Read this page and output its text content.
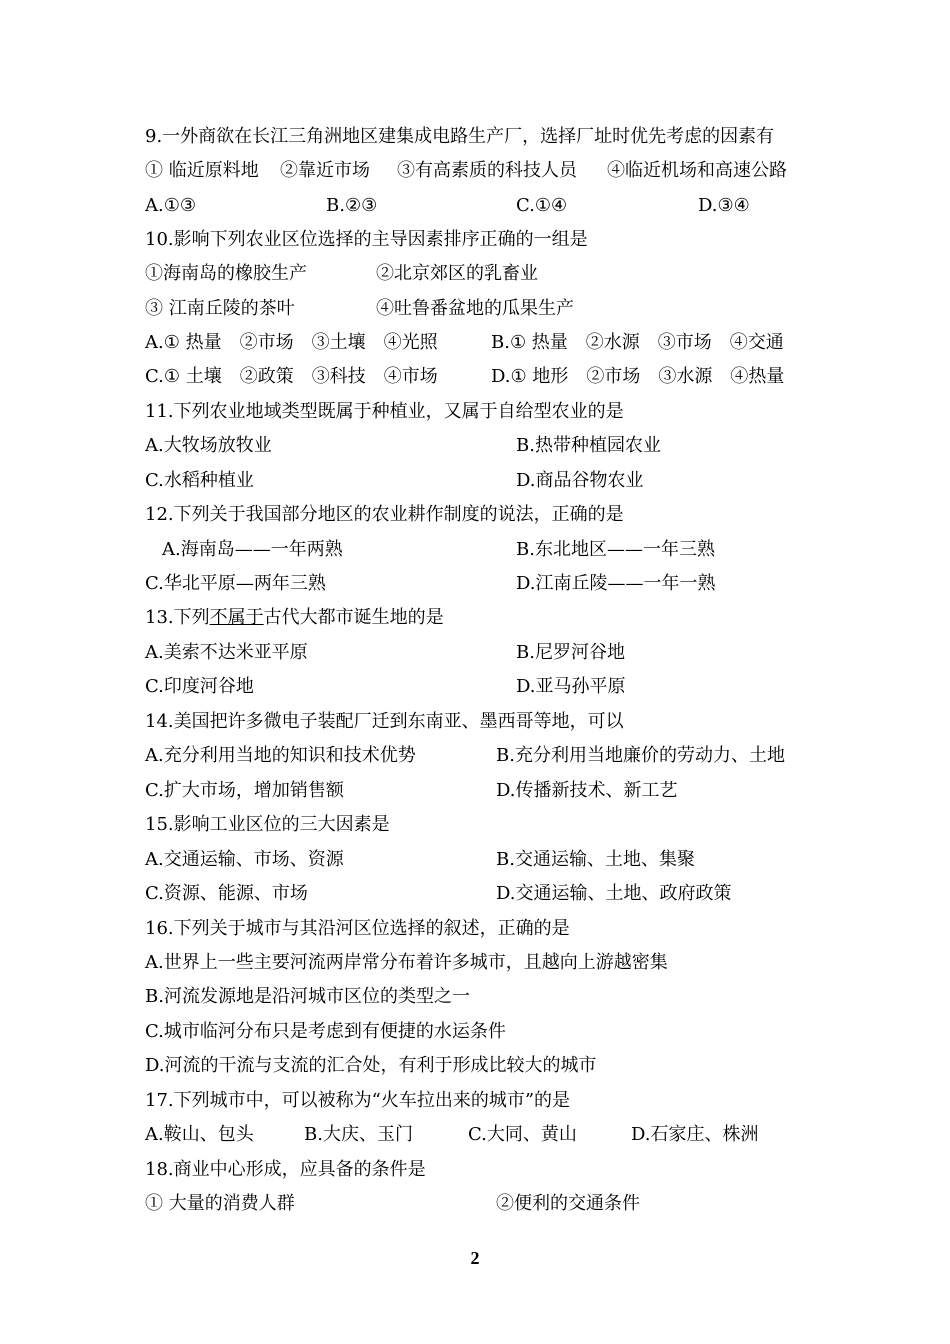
9.一外商欲在长江三角洲地区建集成电路生产厂，选择厂址时优先考虑的因素有
① 临近原料地 ②靠近市场 ③有高素质的科技人员 ④临近机场和高速公路
A.①③	B.②③	C.①④	D.③④
10.影响下列农业区位选择的主导因素排序正确的一组是
①海南岛的橡胶生产	②北京郊区的乳畜业
③ 江南丘陵的茶叶	④吐鲁番盆地的瓜果生产
A.① 热量　②市场　③土壤　④光照	B.① 热量　②水源　③市场　④交通
C.① 土壤　②政策　③科技　④市场	D.① 地形　②市场　③水源　④热量
11.下列农业地域类型既属于种植业，又属于自给型农业的是
A.大牧场放牧业	B.热带种植园农业
C.水稻种植业	D.商品谷物农业
12.下列关于我国部分地区的农业耕作制度的说法，正确的是
A.海南岛——一年两熟	B.东北地区——一年三熟
C.华北平原—两年三熟	D.江南丘陵——一年一熟
13.下列不属于古代大都市诞生地的是
A.美索不达米亚平原	B.尼罗河谷地
C.印度河谷地	D.亚马孙平原
14.美国把许多微电子装配厂迁到东南亚、墨西哥等地，可以
A.充分利用当地的知识和技术优势	B.充分利用当地廉价的劳动力、土地
C.扩大市场，增加销售额	D.传播新技术、新工艺
15.影响工业区位的三大因素是
A.交通运输、市场、资源	B.交通运输、土地、集聚
C.资源、能源、市场	D.交通运输、土地、政府政策
16.下列关于城市与其沿河区位选择的叙述，正确的是
A.世界上一些主要河流两岸常分布着许多城市，且越向上游越密集
B.河流发源地是沿河城市区位的类型之一
C.城市临河分布只是考虑到有便捷的水运条件
D.河流的干流与支流的汇合处，有利于形成比较大的城市
17.下列城市中，可以被称为“火车拉出来的城市”的是
A.鞍山、包头	B.大庆、玉门	C.大同、黄山	D.石家庄、株洲
18.商业中心形成，应具备的条件是
① 大量的消费人群	②便利的交通条件
2
